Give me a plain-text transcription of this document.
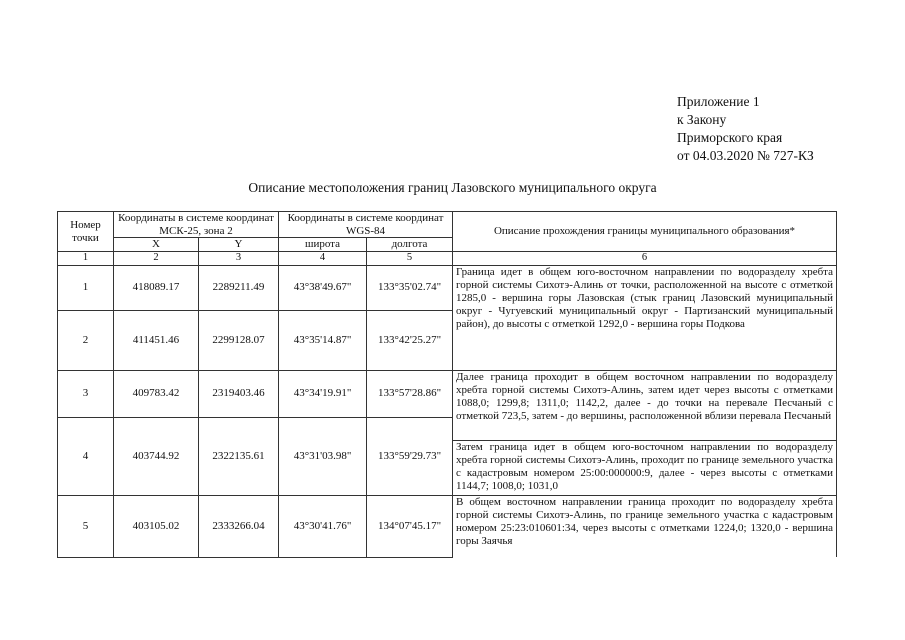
Приложение 1
к Закону
Приморского края
от 04.03.2020 № 727-КЗ
Описание местоположения границ Лазовского муниципального округа
Номер точки	Координаты в системе координат МСК-25, зона 2		Координаты в системе координат WGS-84		Описание прохождения границы муниципального образования*
	X	Y	широта	долгота	
1	2	3	4	5	6
1	418089.17	2289211.49	43°38'49.67"	133°35'02.74"	Граница идет в общем юго-восточном направлении по водоразделу хребта горной системы Сихотэ-Алинь от точки, расположенной на высоте с отметкой 1285,0 - вершина горы Лазовская (стык границ Лазовский муниципальный округ - Чугуевский муниципальный округ - Партизанский муниципальный район), до высоты с отметкой 1292,0 - вершина горы Подкова
2	411451.46	2299128.07	43°35'14.87"	133°42'25.27"	
3	409783.42	2319403.46	43°34'19.91"	133°57'28.86"	Далее граница проходит в общем восточном направлении по водоразделу хребта горной системы Сихотэ-Алинь, затем идет через высоты с отметками 1088,0; 1299,8; 1311,0; 1142,2, далее - до точки на перевале Песчаный с отметкой 723,5, затем - до вершины, расположенной вблизи перевала Песчаный

4	403744.92	2322135.61	43°31'03.98"	133°59'29.73"	
					Затем граница идет в общем юго-восточном направлении по водоразделу хребта горной системы Сихотэ-Алинь, проходит по границе земельного участка с кадастровым номером 25:00:000000:9, далее - через высоты с отметками 1144,7; 1008,0; 1031,0

5	403105.02	2333266.04	43°30'41.76"	134°07'45.17"	В общем восточном направлении граница проходит по водоразделу хребта горной системы Сихотэ-Алинь, по границе земельного участка с кадастровым номером 25:23:010601:34, через высоты с отметками 1224,0; 1320,0 - вершина горы Заячья
